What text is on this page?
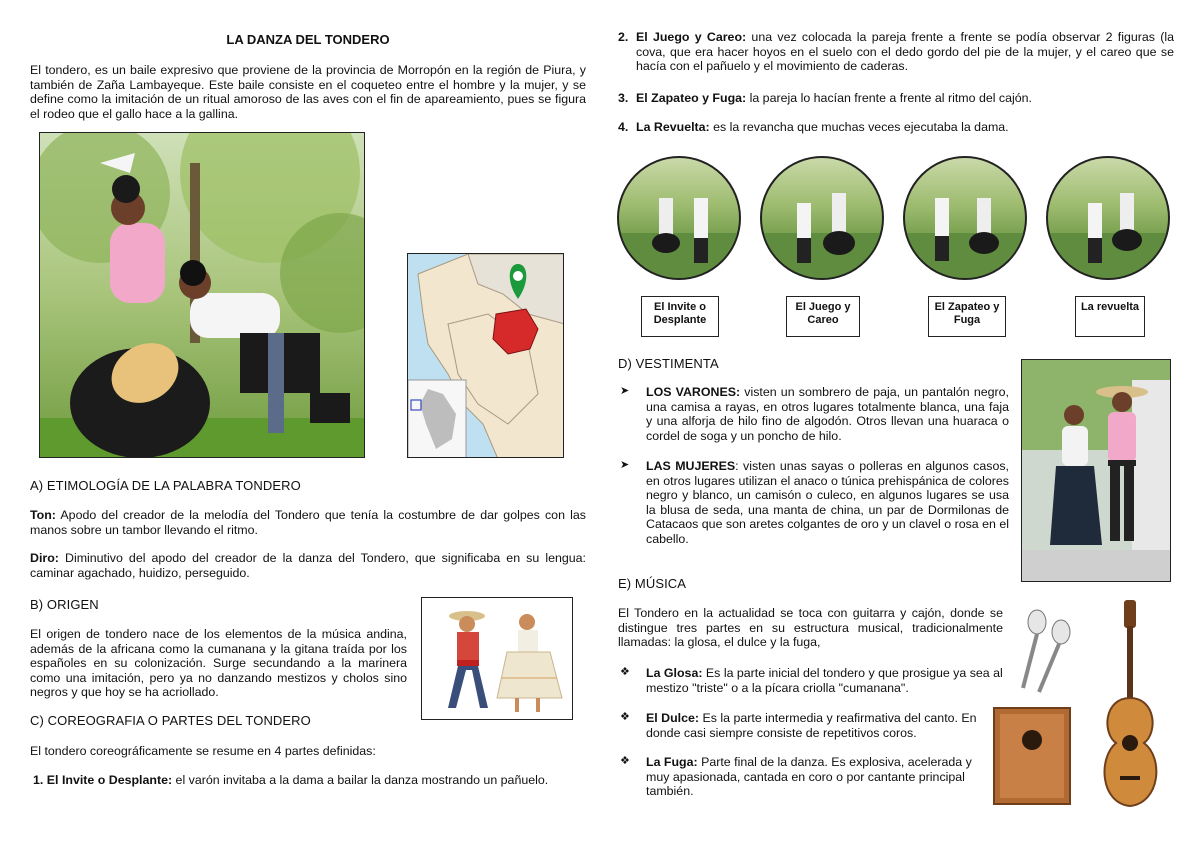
LA DANZA DEL TONDERO

El tondero, es un baile expresivo que proviene de la provincia de Morropón en la región de Piura, y también de Zaña Lambayeque. Este baile consiste en el coqueteo entre el hombre y la mujer, y se define como la imitación de un ritual amoroso de las aves con el fin de apareamiento, pues se figura el rodeo que el gallo hace a la gallina.

A) ETIMOLOGÍA DE LA PALABRA TONDERO

Ton: Apodo del creador de la melodía del Tondero que tenía la costumbre de dar golpes con las manos sobre un tambor llevando el ritmo.

Diro: Diminutivo del apodo del creador de la danza del Tondero, que significaba en su lengua: caminar agachado, huidizo, perseguido.

B) ORIGEN

El origen de tondero nace de los elementos de la música andina, además de la africana como la cumanana y la gitana traída por los españoles en su colonización. Surge secundando a la marinera como una imitación, pero ya no danzando mestizos y cholos sino negros y que hoy se ha acriollado.

C) COREOGRAFIA O PARTES DEL TONDERO

El tondero coreográficamente se resume en 4 partes definidas:

1. El Invite o Desplante: el varón invitaba a la dama a bailar la danza mostrando un pañuelo.

2. El Juego y Careo: una vez colocada la pareja frente a frente se podía observar 2 figuras (la cova, que era hacer hoyos en el suelo con el dedo gordo del pie de la mujer, y el careo que se hacía con el pañuelo y el movimiento de caderas.

3. El Zapateo y Fuga: la pareja lo hacían frente a frente al ritmo del cajón.

4. La Revuelta: es la revancha que muchas veces ejecutaba la dama.

El Invite o Desplante
El Juego y Careo
El Zapateo y Fuga
La revuelta
D) VESTIMENTA
➤ LOS VARONES: visten un sombrero de paja, un pantalón negro, una camisa a rayas, en otros lugares totalmente blanca, una faja y una alforja de hilo fino de algodón. Otros llevan una huaraca o cordel de soga y un poncho de hilo.

➤ LAS MUJERES: visten unas sayas o polleras en algunos casos, en otros lugares utilizan el anaco o túnica prehispánica de colores negro y blanco, un camisón o culeco, en algunos lugares se usa la blusa de seda, una manta de china, un par de Dormilonas de Catacaos que son aretes colgantes de oro y un clavel o rosa en el cabello.

E) MÚSICA

El Tondero en la actualidad se toca con guitarra y cajón, donde se distingue tres partes en su estructura musical, tradicionalmente llamadas: la glosa, el dulce y la fuga,

❖ La Glosa: Es la parte inicial del tondero y que prosigue ya sea al mestizo "triste" o a la pícara criolla "cumanana".

❖ El Dulce: Es la parte intermedia y reafirmativa del canto. En donde casi siempre consiste de repetitivos coros.

❖ La Fuga: Parte final de la danza. Es explosiva, acelerada y muy apasionada, cantada en coro o por cantante principal también.
